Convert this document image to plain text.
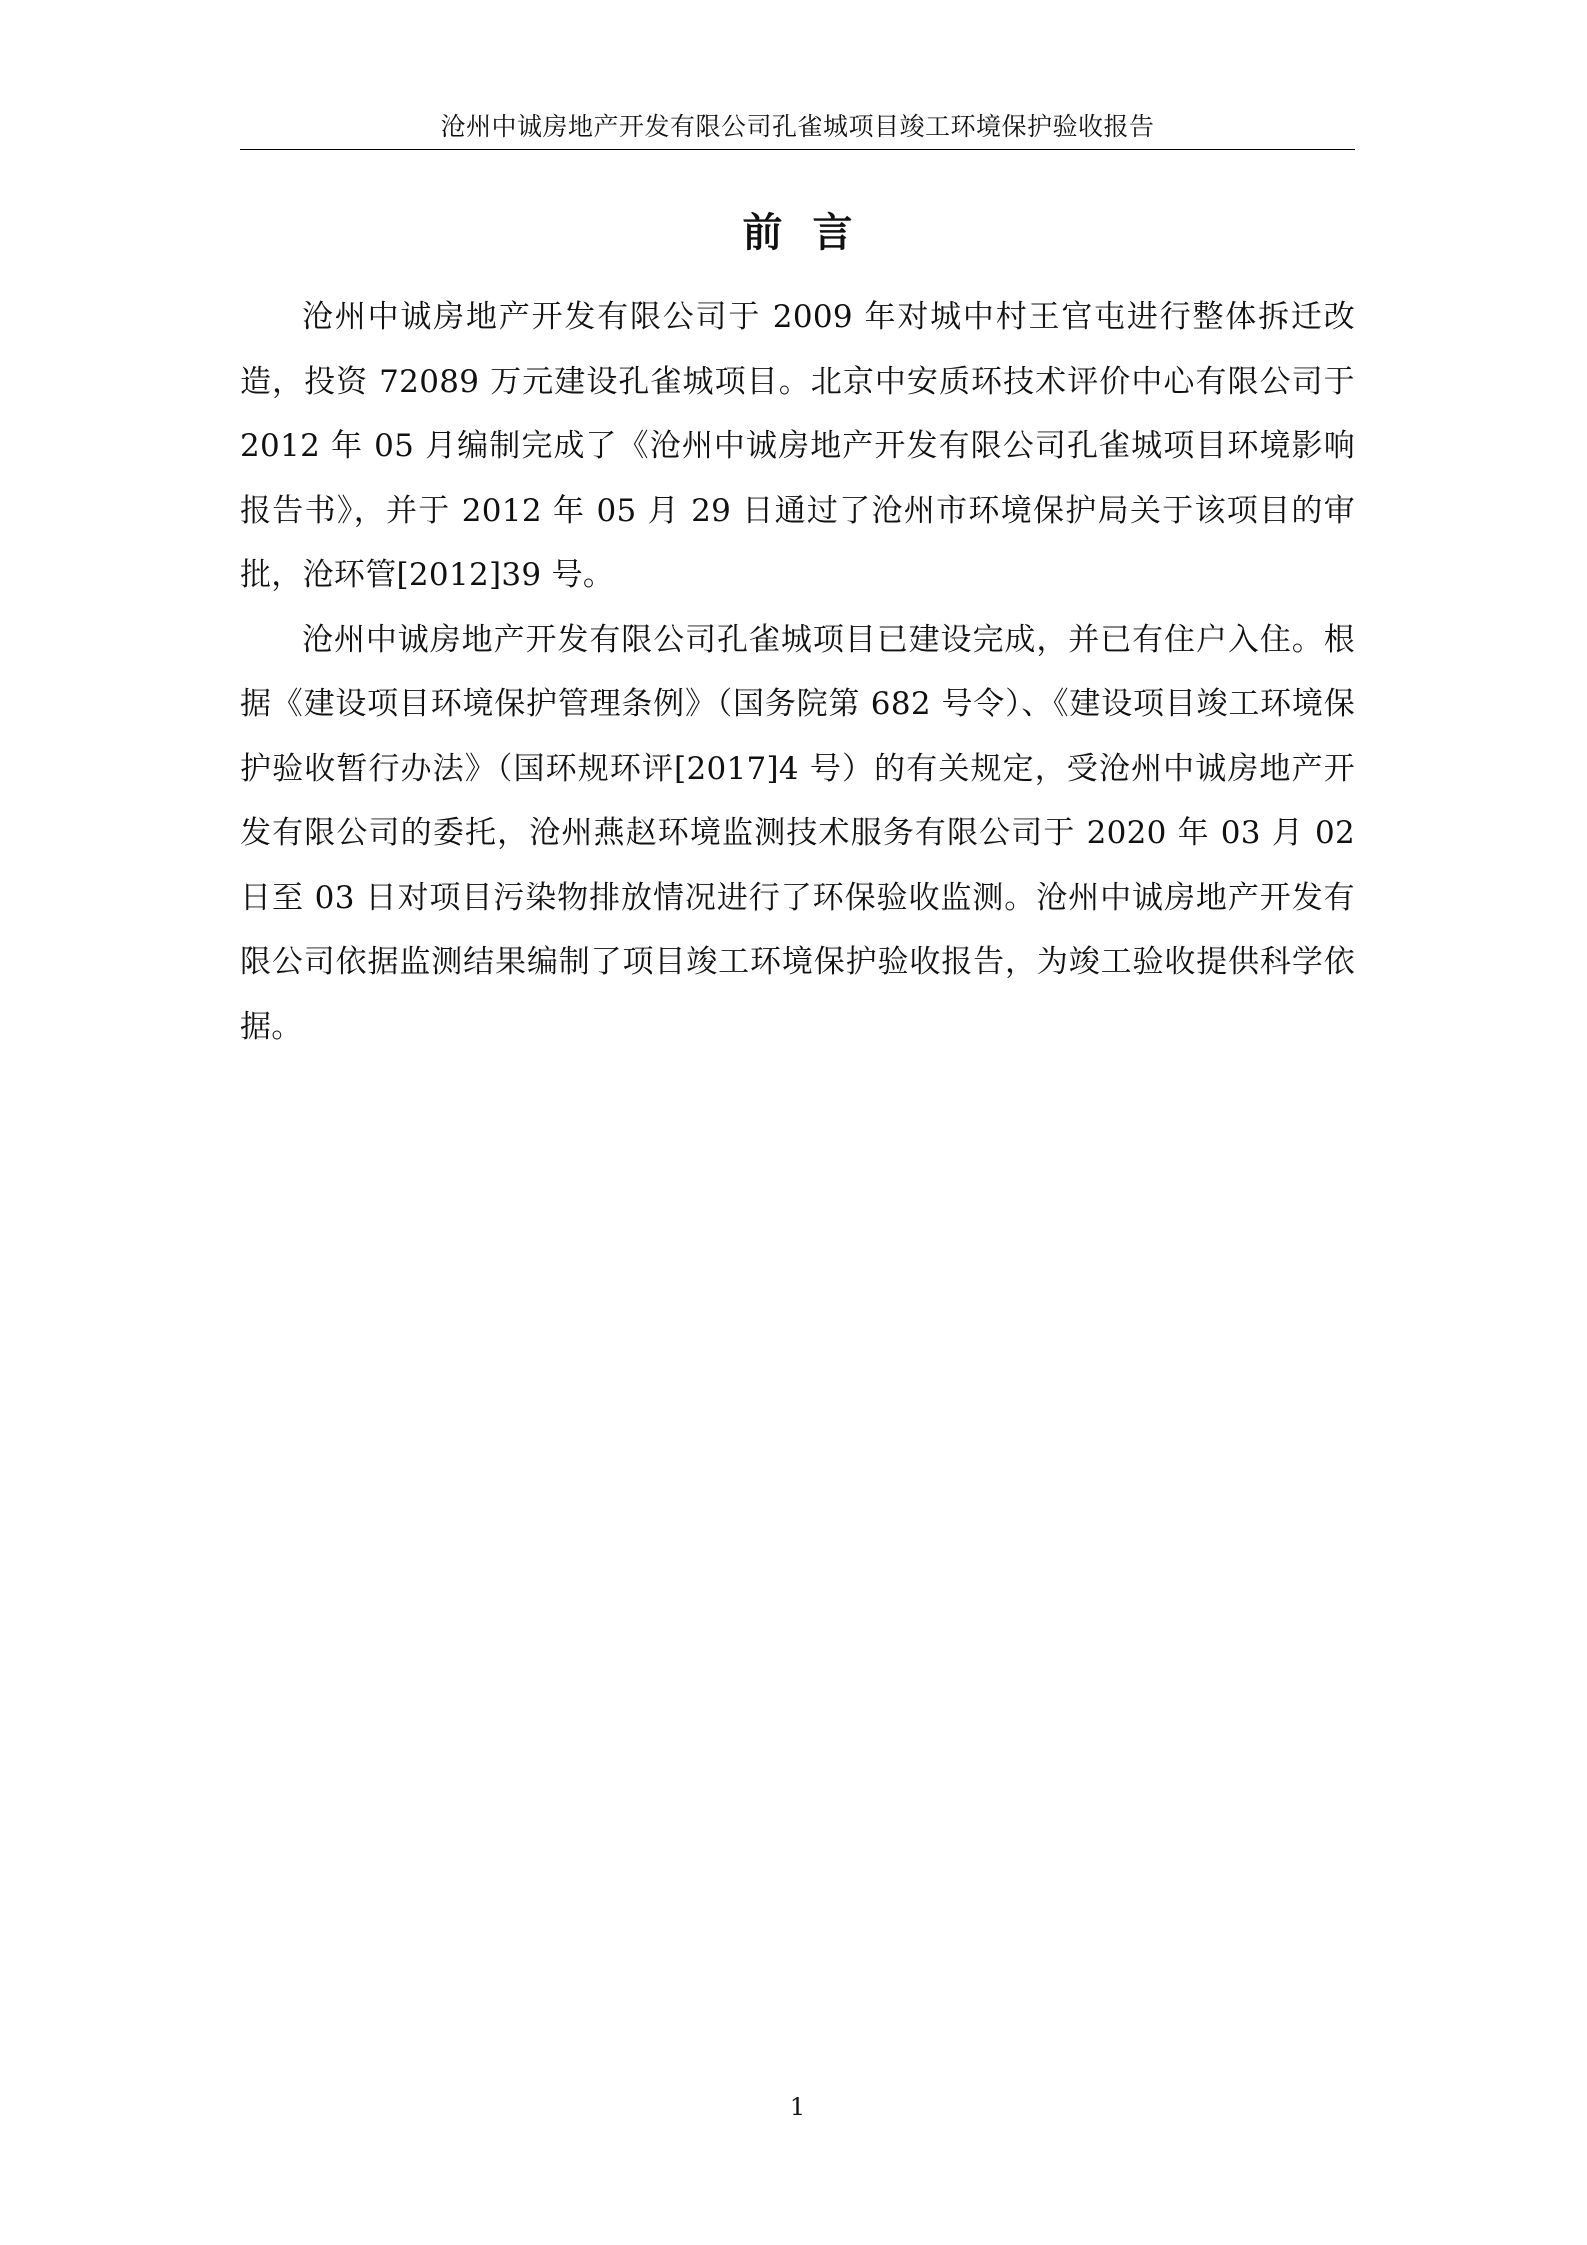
沧州中诚房地产开发有限公司孔雀城项目竣工环境保护验收报告
前言

沧州中诚房地产开发有限公司于 2009 年对城中村王官屯进行整体拆迁改造，投资 72089 万元建设孔雀城项目。北京中安质环技术评价中心有限公司于 2012 年 05 月编制完成了《沧州中诚房地产开发有限公司孔雀城项目环境影响报告书》，并于 2012 年 05 月 29 日通过了沧州市环境保护局关于该项目的审批，沧环管[2012]39 号。

沧州中诚房地产开发有限公司孔雀城项目已建设完成，并已有住户入住。根据《建设项目环境保护管理条例》（国务院第 682 号令）、《建设项目竣工环境保护验收暂行办法》（国环规环评[2017]4 号）的有关规定，受沧州中诚房地产开发有限公司的委托，沧州燕赵环境监测技术服务有限公司于 2020 年 03 月 02 日至 03 日对项目污染物排放情况进行了环保验收监测。沧州中诚房地产开发有限公司依据监测结果编制了项目竣工环境保护验收报告，为竣工验收提供科学依据。

1
